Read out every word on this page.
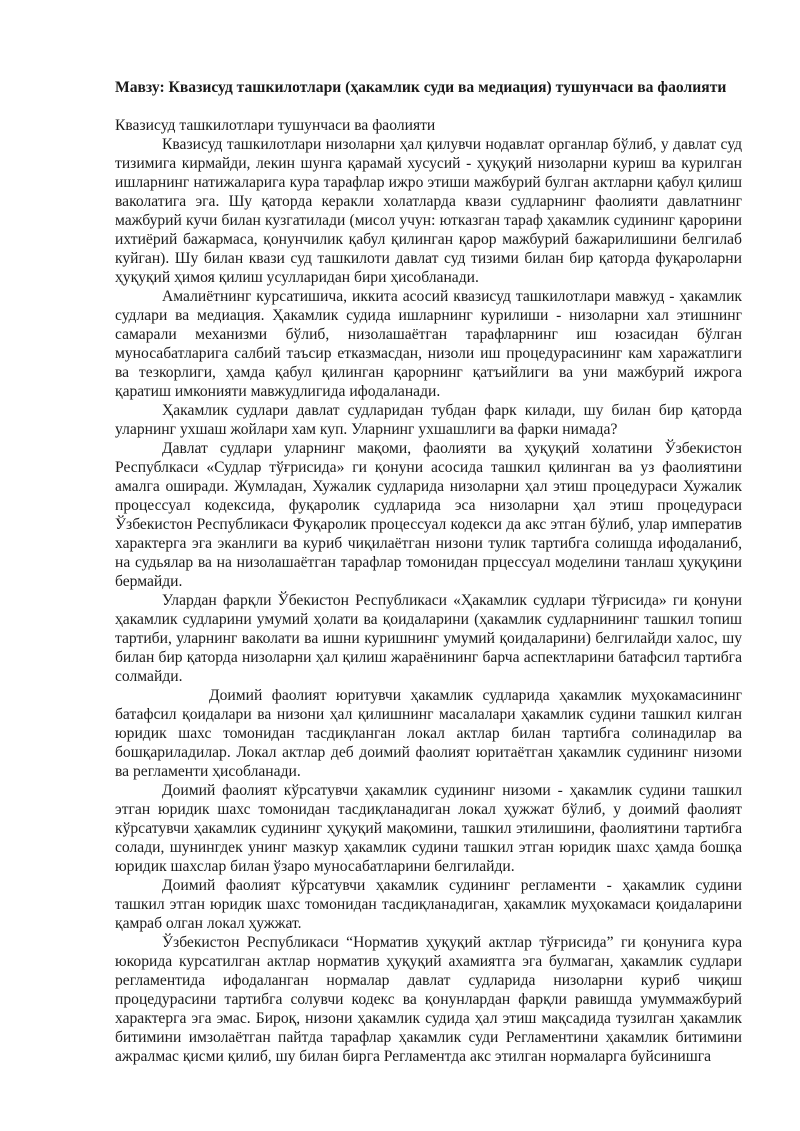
Мавзу: Квазисуд ташкилотлари (ҳакамлик суди ва медиация) тушунчаси ва фаолияти

Квазисуд ташкилотлари тушунчаси ва фаолияти

Квазисуд ташкилотлари низоларни ҳал қилувчи нодавлат органлар бўлиб, у давлат суд тизимига кирмайди, лекин шунга қарамай хусусий - ҳуқуқий низоларни куриш ва курилган ишларнинг натижаларига кура тарафлар ижро этиши мажбурий булган актларни қабул қилиш ваколатига эга. Шу қаторда керакли холатларда квази судларнинг фаолияти давлатнинг мажбурий кучи билан кузгатилади (мисол учун: ютказган тараф ҳакамлик судининг қарорини ихтиёрий бажармаса, қонунчилик қабул қилинган қарор мажбурий бажарилишини белгилаб куйган). Шу билан квази суд ташкилоти давлат суд тизими билан бир қаторда фуқароларни ҳуқуқий ҳимоя қилиш усулларидан бири ҳисобланади.

Амалиётнинг курсатишича, иккита асосий квазисуд ташкилотлари мавжуд - ҳакамлик судлари ва медиация. Ҳакамлик судида ишларнинг курилиши - низоларни хал этишнинг самарали механизми бўлиб, низолашаётган тарафларнинг иш юзасидан бўлган муносабатларига салбий таъсир етказмасдан, низоли иш процедурасининг кам харажатлиги ва тезкорлиги, ҳамда қабул қилинган қарорнинг қатъийлиги ва уни мажбурий ижрога қаратиш имконияти мавжудлигида ифодаланади.

Ҳакамлик судлари давлат судларидан тубдан фарк килади, шу билан бир қаторда уларнинг ухшаш жойлари хам куп. Уларнинг ухшашлиги ва фарки нимада?

Давлат судлари уларнинг мақоми, фаолияти ва ҳуқуқий холатини Ўзбекистон Республкаси «Судлар тўғрисида» ги қонуни асосида ташкил қилинган ва уз фаолиятини амалга оширади. Жумладан, Хужалик судларида низоларни ҳал этиш процедураси Хужалик процессуал кодексида, фуқаролик судларида эса низоларни ҳал этиш процедураси Ўзбекистон Республикаси Фуқаролик процессуал кодекси да акс этган бўлиб, улар императив характерга эга эканлиги ва куриб чиқилаётган низони тулик тартибга солишда ифодаланиб, на судьялар ва на низолашаётган тарафлар томонидан прцессуал моделини танлаш ҳуқуқини бермайди.

Улардан фарқли Ўбекистон Республикаси «Ҳакамлик судлари тўғрисида» ги қонуни ҳакамлик судларини умумий ҳолати ва қоидаларини (ҳакамлик судларнининг ташкил топиш тартиби, уларнинг ваколати ва ишни куришнинг умумий қоидаларини) белгилайди халос, шу билан бир қаторда низоларни ҳал қилиш жараёнининг барча аспектларини батафсил тартибга солмайди.

Доимий фаолият юритувчи ҳакамлик судларида ҳакамлик муҳокамасининг батафсил қоидалари ва низони ҳал қилишнинг масалалари ҳакамлик судини ташкил килган юридик шахс томонидан тасдиқланган локал актлар билан тартибга солинадилар ва бошқариладилар. Локал актлар деб доимий фаолият юритаётган ҳакамлик судининг низоми ва регламенти ҳисобланади.

Доимий фаолият кўрсатувчи ҳакамлик судининг низоми - ҳакамлик судини ташкил этган юридик шахс томонидан тасдиқланадиган локал ҳужжат бўлиб, у доимий фаолият кўрсатувчи ҳакамлик судининг ҳуқуқий мақомини, ташкил этилишини, фаолиятини тартибга солади, шунингдек унинг мазкур ҳакамлик судини ташкил этган юридик шахс ҳамда бошқа юридик шахслар билан ўзаро муносабатларини белгилайди.

Доимий фаолият кўрсатувчи ҳакамлик судининг регламенти - ҳакамлик судини ташкил этган юридик шахс томонидан тасдиқланадиган, ҳакамлик муҳокамаси қоидаларини қамраб олган локал ҳужжат.

Ўзбекистон Республикаси “Норматив ҳуқуқий актлар тўғрисида” ги қонунига кура юкорида курсатилган актлар норматив ҳуқуқий ахамиятга эга булмаган, ҳакамлик судлари регламентида ифодаланган нормалар давлат судларида низоларни куриб чиқиш процедурасини тартибга солувчи кодекс ва қонунлардан фарқли равишда умуммажбурий характерга эга эмас. Бироқ, низони ҳакамлик судида ҳал этиш мақсадида тузилган ҳакамлик битимини имзолаётган пайтда тарафлар ҳакамлик суди Регламентини ҳакамлик битимини ажралмас қисми қилиб, шу билан бирга Регламентда акс этилган нормаларга буйсинишга
